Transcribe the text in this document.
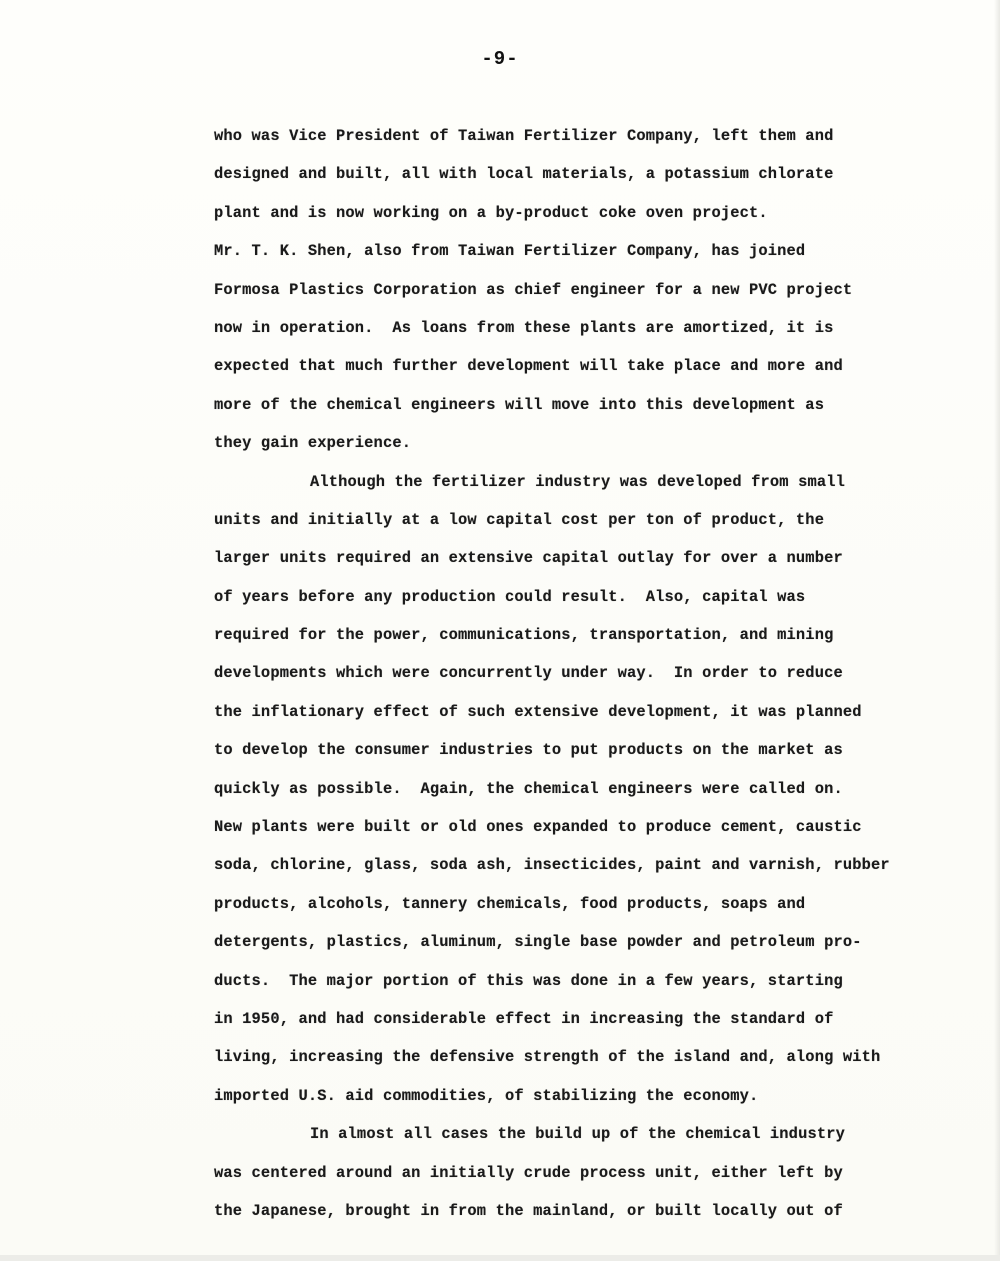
-9-
who was Vice President of Taiwan Fertilizer Company, left them and
designed and built, all with local materials, a potassium chlorate
plant and is now working on a by-product coke oven project.
Mr. T. K. Shen, also from Taiwan Fertilizer Company, has joined
Formosa Plastics Corporation as chief engineer for a new PVC project
now in operation.  As loans from these plants are amortized, it is
expected that much further development will take place and more and
more of the chemical engineers will move into this development as
they gain experience.
Although the fertilizer industry was developed from small
units and initially at a low capital cost per ton of product, the
larger units required an extensive capital outlay for over a number
of years before any production could result.  Also, capital was
required for the power, communications, transportation, and mining
developments which were concurrently under way.  In order to reduce
the inflationary effect of such extensive development, it was planned
to develop the consumer industries to put products on the market as
quickly as possible.  Again, the chemical engineers were called on.
New plants were built or old ones expanded to produce cement, caustic
soda, chlorine, glass, soda ash, insecticides, paint and varnish, rubber
products, alcohols, tannery chemicals, food products, soaps and
detergents, plastics, aluminum, single base powder and petroleum pro-
ducts.  The major portion of this was done in a few years, starting
in 1950, and had considerable effect in increasing the standard of
living, increasing the defensive strength of the island and, along with
imported U.S. aid commodities, of stabilizing the economy.
In almost all cases the build up of the chemical industry
was centered around an initially crude process unit, either left by
the Japanese, brought in from the mainland, or built locally out of
